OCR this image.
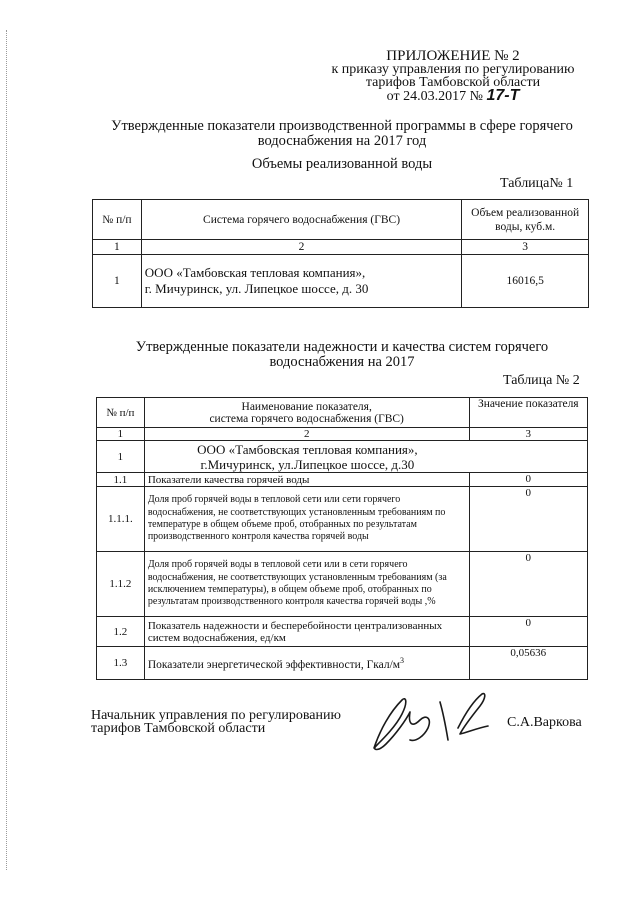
ПРИЛОЖЕНИЕ № 2
к приказу управления по регулированию
тарифов Тамбовской области
от 24.03.2017 № 17-Т
Утвержденные показатели производственной программы в сфере горячего
водоснабжения на 2017 год
Объемы реализованной воды
Таблица№ 1
№ п/п	Система горячего водоснабжения (ГВС)	Объем реализованной воды, куб.м.
1	2	3
1	ООО «Тамбовская тепловая компания»,
г. Мичуринск, ул. Липецкое шоссе, д. 30	16016,5
Утвержденные показатели надежности и качества систем горячего
водоснабжения на 2017
Таблица № 2
№ п/п	Наименование показателя,
система горячего водоснабжения (ГВС)	Значение показателя
1	2	3
1	ООО «Тамбовская тепловая компания»,
г.Мичуринск, ул.Липецкое шоссе, д.30	

1.1	Показатели качества горячей воды	0
1.1.1.	Доля проб горячей воды в тепловой сети или сети горячего водоснабжения, не соответствующих установленным требованиям по температуре в общем объеме проб, отобранных по результатам производственного контроля качества горячей воды	0
1.1.2	Доля проб горячей воды в тепловой сети или в сети горячего водоснабжения, не соответствующих установленным требованиям (за исключением температуры), в общем объеме проб, отобранных по результатам производственного контроля качества горячей воды ,%	0
1.2	Показатель надежности и бесперебойности централизованных систем водоснабжения, ед/км	0
1.3	Показатели энергетической эффективности, Гкал/$м^3$	0,05636
Начальник управления по регулированию
тарифов Тамбовской области	С.А.Варкова
